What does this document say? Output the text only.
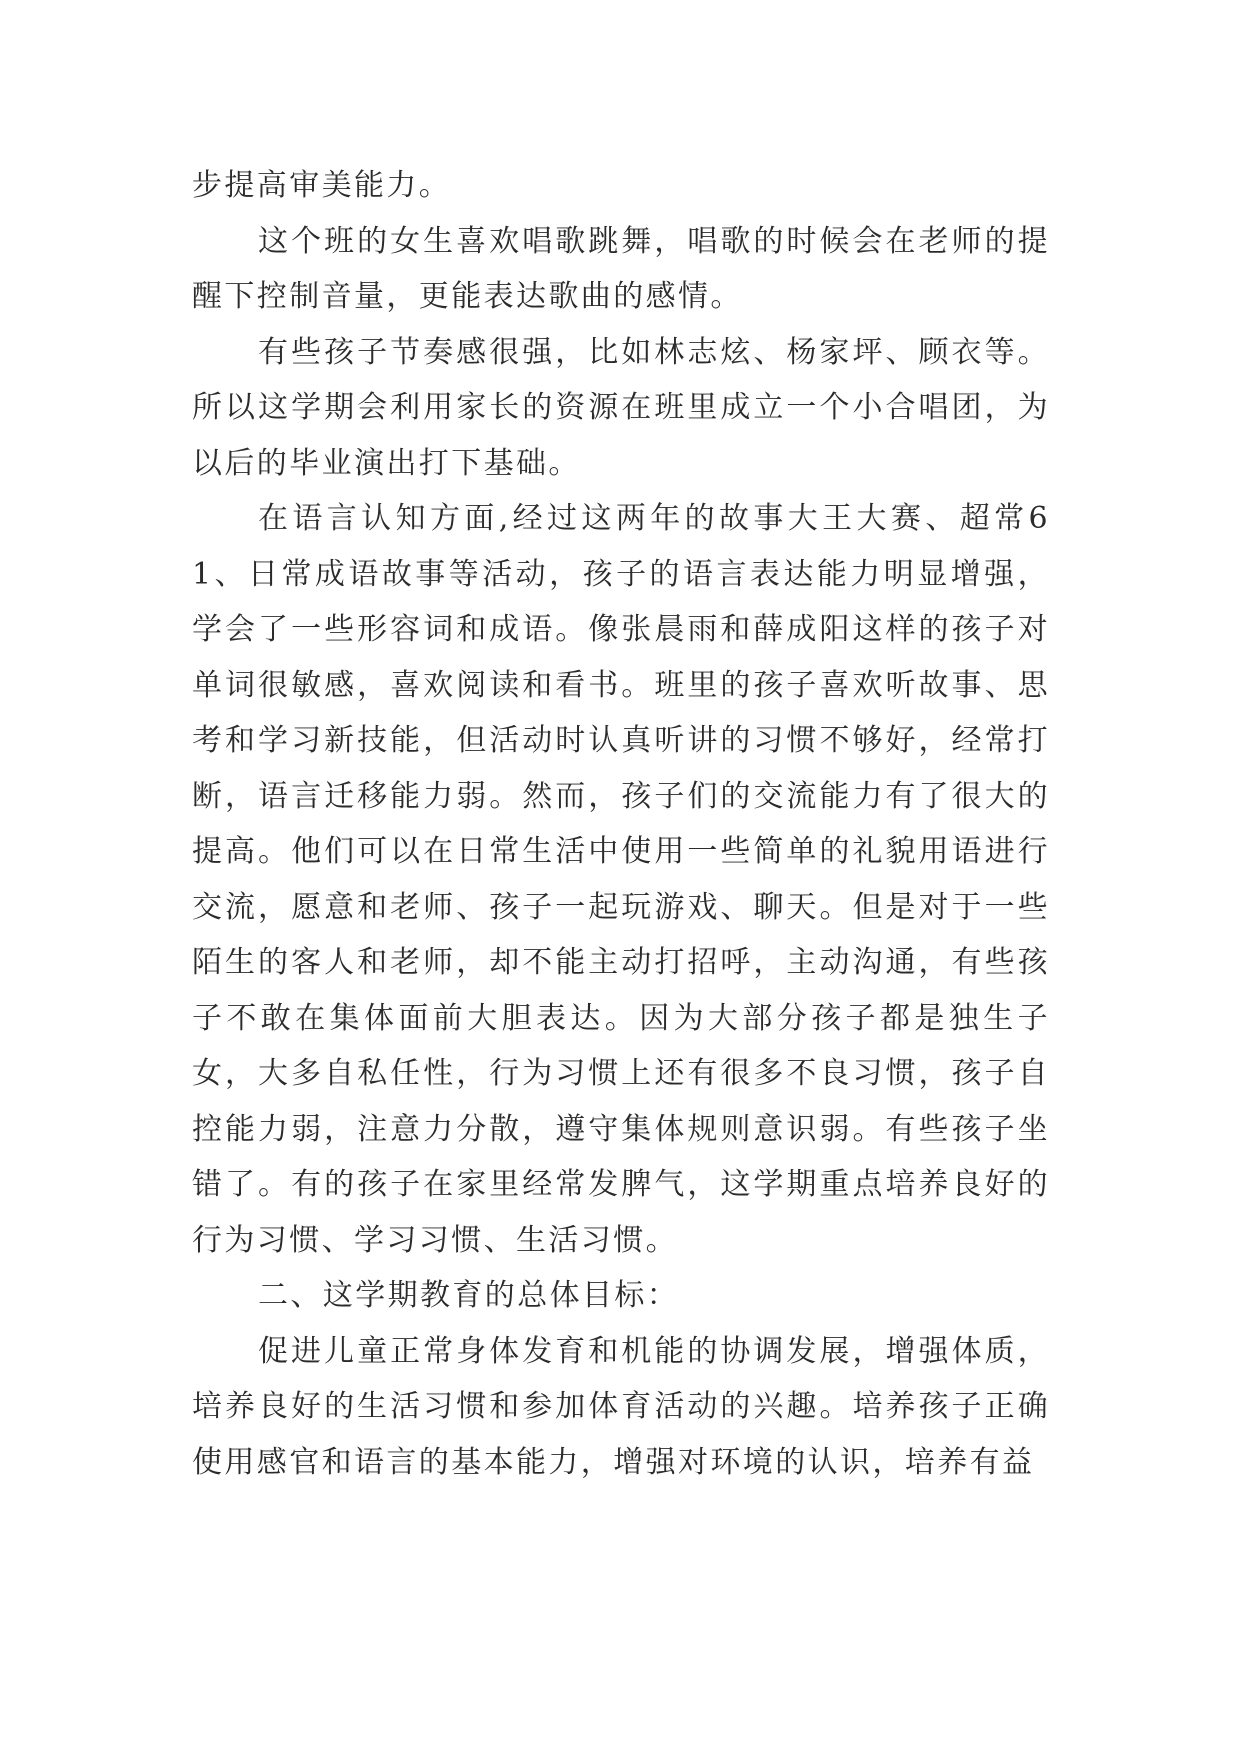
步提高审美能力。

这个班的女生喜欢唱歌跳舞，唱歌的时候会在老师的提醒下控制音量，更能表达歌曲的感情。

有些孩子节奏感很强，比如林志炫、杨家坪、顾衣等。所以这学期会利用家长的资源在班里成立一个小合唱团，为以后的毕业演出打下基础。

在语言认知方面,经过这两年的故事大王大赛、超常6 1、日常成语故事等活动，孩子的语言表达能力明显增强，学会了一些形容词和成语。像张晨雨和薛成阳这样的孩子对单词很敏感，喜欢阅读和看书。班里的孩子喜欢听故事、思考和学习新技能，但活动时认真听讲的习惯不够好，经常打断，语言迁移能力弱。然而，孩子们的交流能力有了很大的提高。他们可以在日常生活中使用一些简单的礼貌用语进行交流，愿意和老师、孩子一起玩游戏、聊天。但是对于一些陌生的客人和老师，却不能主动打招呼，主动沟通，有些孩子不敢在集体面前大胆表达。因为大部分孩子都是独生子女，大多自私任性，行为习惯上还有很多不良习惯，孩子自控能力弱，注意力分散，遵守集体规则意识弱。有些孩子坐错了。有的孩子在家里经常发脾气，这学期重点培养良好的行为习惯、学习习惯、生活习惯。

二、这学期教育的总体目标：

促进儿童正常身体发育和机能的协调发展，增强体质，培养良好的生活习惯和参加体育活动的兴趣。培养孩子正确使用感官和语言的基本能力，增强对环境的认识，培养有益
